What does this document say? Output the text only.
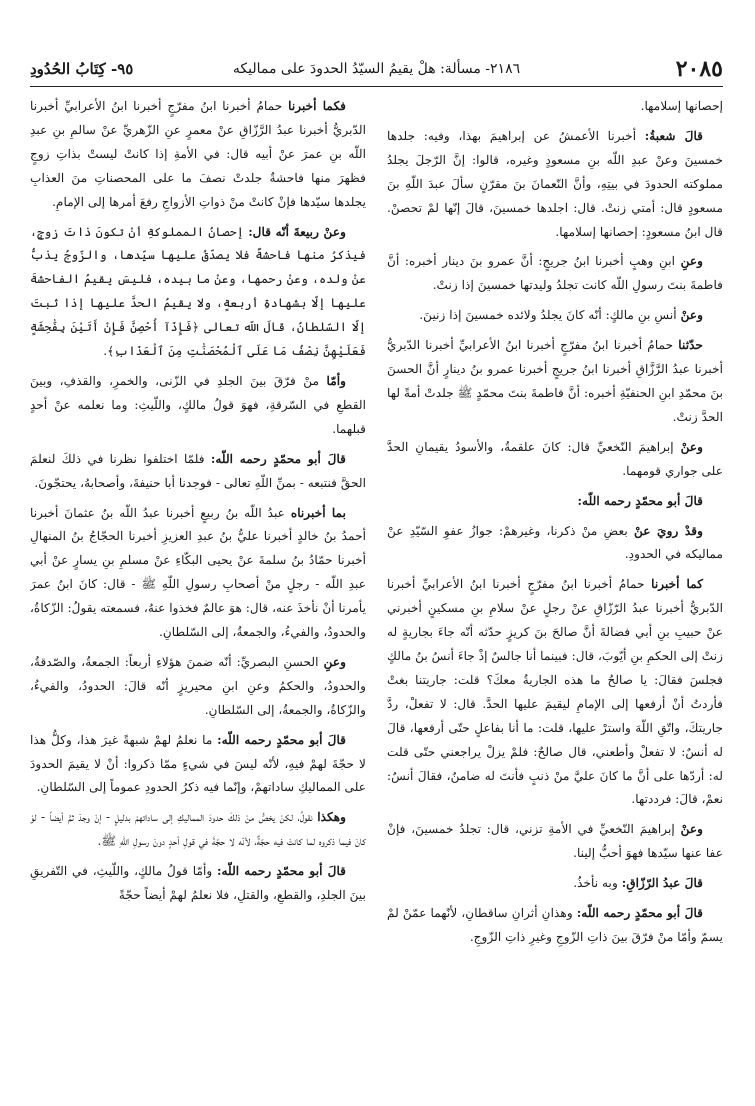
٢٠٨٥
٢١٨٦- مسألة: هلْ يقيمُ السيّدُ الحدودَ على مماليكه
٩٥- كِتَابُ الحُدُودِ

إحصانها إسلامها.

قالَ شعبةُ: أخبرنا الأعمشُ عن إبراهيمَ بهذا، وفيه: جلدها خمسينَ وعنْ عبدِ اللّه بنِ مسعودٍ وغيره، قالوا: إنَّ الرّجلَ يجلدُ مملوكته الحدودَ في بيتِهِ، وأنَّ النّعمانَ بنَ مقرّنٍ سألَ عبدَ اللّهِ بنَ مسعودٍ قال: أمتي زنتْ. قال: اجلدها خمسينَ، قالَ إنّها لمْ تحصنْ. قال ابنُ مسعودٍ: إحصانها إسلامها.

وعنِ ابنِ وهبٍ أخبرنا ابنُ جريجٍ: أنَّ عمرو بنَ دينار أخبره: أنَّ فاطمةَ بنتَ رسولِ اللّه كانت تجلدُ وليدتها خمسينَ إذا زنتْ.

وعنْ أنسِ بنِ مالكٍ: أنّه كانَ يجلدُ ولائده خمسينَ إذا زنينَ.

حدّثنا حمامُ أخبرنا ابنُ مفرّجٍ أخبرنا ابنُ الأعرابيِّ أخبرنا الدّبريُّ أخبرنا عبدُ الرَّزَّاقِ أخبرنا ابنُ جريجٍ أخبرنا عمرو بنُ دينارٍ أنَّ الحسنَ بنَ محمّدِ ابنِ الحنفيّةِ أخبره: أنَّ فاطمةَ بنتَ محمّدٍ ﷺ جلدتْ أمةً لها الحدَّ زنتْ.

وعنْ إبراهيمَ النّخعيِّ قال: كانَ علقمةُ، والأسودُ يقيمانِ الحدَّ على جواري قومهما.

قالَ أبو محمّدٍ رحمه اللّه:

وقدْ رويَ عنْ بعضِ منْ ذكرنا، وغيرهمْ: جوازُ عفوِ السّيّدِ عنْ مماليكه في الحدودِ.

كما أخبرنا حمامُ أخبرنا ابنُ مفرّجٍ أخبرنا ابنُ الأعرابيِّ أخبرنا الدّبريُّ أخبرنا عبدُ الرّزّاقِ عنْ رجلٍ عنْ سلامِ بنِ مسكينٍ أخبرني عنْ حبيبِ بنِ أبي فضالةَ أنَّ صالحَ بنَ كريزٍ حدّثه أنّه جاءَ بجاريةٍ له زنتْ إلى الحكمِ بنِ أيّوبَ، قال: فبينما أنا جالسٌ إذْ جاءَ أنسُ بنُ مالكٍ فجلسَ فقالَ: يا صالحُ ما هذه الجاريةُ معكَ؟ قلت: جاريتنا بغتْ فأردتُ أنْ أرفعها إلى الإمامِ ليقيمَ عليها الحدَّ. قال: لا تفعلْ، ردَّ جاريتكَ، واتّقِ اللّهَ واسترْ عليها، قلت: ما أنا بفاعلٍ حتّى أرفعها، قالَ له أنسٌ: لا تفعلْ وأطعني، قال صالحٌ: فلمْ يزلْ يراجعني حتّى قلت له: أردّها على أنَّ ما كانَ عليَّ منْ ذنبٍ فأنتَ له ضامنٌ، فقالَ أنسٌ: نعمْ، قالَ: فرددتها.

وعنْ إبراهيمَ النّخعيِّ في الأمةِ تزني، قال: تجلدُ خمسينَ، فإنْ عفا عنها سيّدها فهوَ أحبُّ إلينا.

قالَ عبدُ الرّزّاقِ: وبه نأخذُ.

قالَ أبو محمّدٍ رحمه اللّه: وهذانِ أثرانِ ساقطانِ، لأنّهما عمّنْ لمْ يسمّ وأمّا منْ فرّقَ بينَ ذاتِ الزّوجِ وغيرِ ذاتِ الزّوجِ.

فكما أخبرنا حمامُ أخبرنا ابنُ مفرّجٍ أخبرنا ابنُ الأعرابيِّ أخبرنا الدّبريُّ أخبرنا عبدُ الرَّزّاقِ عنْ معمرٍ عنِ الزّهريِّ عنْ سالمِ بنِ عبدِ اللّه بنِ عمرَ عنْ أبيه قال: في الأمةِ إذا كانتْ ليستْ بذاتِ زوجٍ فظهرَ منها فاحشةٌ جلدتْ نصفَ ما على المحصناتِ منَ العذابِ يجلدها سيّدها فإنْ كانتْ منْ ذواتِ الأزواجِ رفعَ أمرها إلى الإمامِ.

وعنْ ربيعةَ أنّه قال: إحصانُ المملوكةِ أنْ تكونَ ذاتَ زوجٍ، فيذكرُ منها فاحشةٌ فلا يصدّقُ عليها سيّدها، والزّوجُ يذبُّ عنْ ولده، وعنْ رحمها، وعنْ ما بيده، فليسَ يقيمُ الفاحشةَ عليها إلّا بشهادةِ أربعةٍ، ولا يقيمُ الحدَّ عليها إذا ثبتَ إلّا السّلطانُ، قالَ اللّه تعالى ﴿فَإِذَآ أُحْصِنَّ فَإِنْ أَتَيْنَ بِفَٰحِشَةٍ فَعَلَيْهِنَّ نِصْفُ مَا عَلَى ٱلْمُحْصَنَٰتِ مِنَ ٱلْعَذَابِ﴾.

وأمّا منْ فرّقَ بينَ الجلدِ في الزّنى، والخمرِ، والقذفِ، وبينَ القطعِ في السّرقةِ، فهوَ قولُ مالكٍ، واللّيثِ: وما نعلمه عنْ أحدٍ قبلهما.

قالَ أبو محمّدٍ رحمه اللّه: فلمّا اختلفوا نظرنا في ذلكَ لنعلمَ الحقَّ فنتبعه - بمنِّ اللّهِ تعالى - فوجدنا أبا حنيفةَ، وأصحابهُ، يحتجّونَ.

بما أخبرناه عبدُ اللّه بنُ ربيعٍ أخبرنا عبدُ اللّه بنُ عثمانَ أخبرنا أحمدُ بنُ خالدٍ أخبرنا عليُّ بنُ عبدِ العزيزِ أخبرنا الحجّاجُ بنُ المنهالِ أخبرنا حمّادُ بنُ سلمةَ عنْ يحيى البكّاءِ عنْ مسلمِ بنِ يسارٍ عنْ أبي عبدِ اللّه - رجلٍ منْ أصحابِ رسولِ اللّهِ ﷺ - قال: كانَ ابنُ عمرَ يأمرنا أنْ نأخذَ عنه، قال: هوَ عالمٌ فخذوا عنهُ، فسمعته يقولُ: الزّكاةُ، والحدودُ، والفيءُ، والجمعةُ، إلى السّلطانِ.

وعنِ الحسنِ البصريِّ: أنّه ضمنَ هؤلاءِ أربعاً: الجمعةُ، والصّدقةُ، والحدودُ، والحكمُ وعنِ ابنِ محيريزٍ أنّه قالَ: الحدودُ، والفيءُ، والزّكاةُ، والجمعةُ، إلى السّلطانِ.

قالَ أبو محمّدٍ رحمه اللّه: ما نعلمُ لهمْ شبهةً غيرَ هذا، وكلُّ هذا لا حجّةَ لهمْ فيهِ، لأنّه ليسَ في شيءٍ ممّا ذكروا: أنْ لا يقيمَ الحدودَ على المماليكِ ساداتهمْ، وإنّما فيه ذكرُ الحدودِ عموماً إلى السّلطانِ.

وهكذا نقولُ، لكنْ يخصُّ منْ ذلكَ حدودَ المماليكِ إلى ساداتهمْ بدليلٍ - إنْ وجدَ ثمَّ أيضاً - لوْ كانَ فيما ذكروه لما كانتْ فيه حجّةٌ، لأنّه لا حجّةَ في قولِ أحدٍ دونَ رسولِ اللّهِ ﷺ.

قالَ أبو محمّدٍ رحمه اللّه: وأمّا قولُ مالكٍ، واللّيثِ، في التّفريقِ بينَ الجلدِ، والقطعِ، والقتلِ، فلا نعلمُ لهمْ أيضاً حجّةً
